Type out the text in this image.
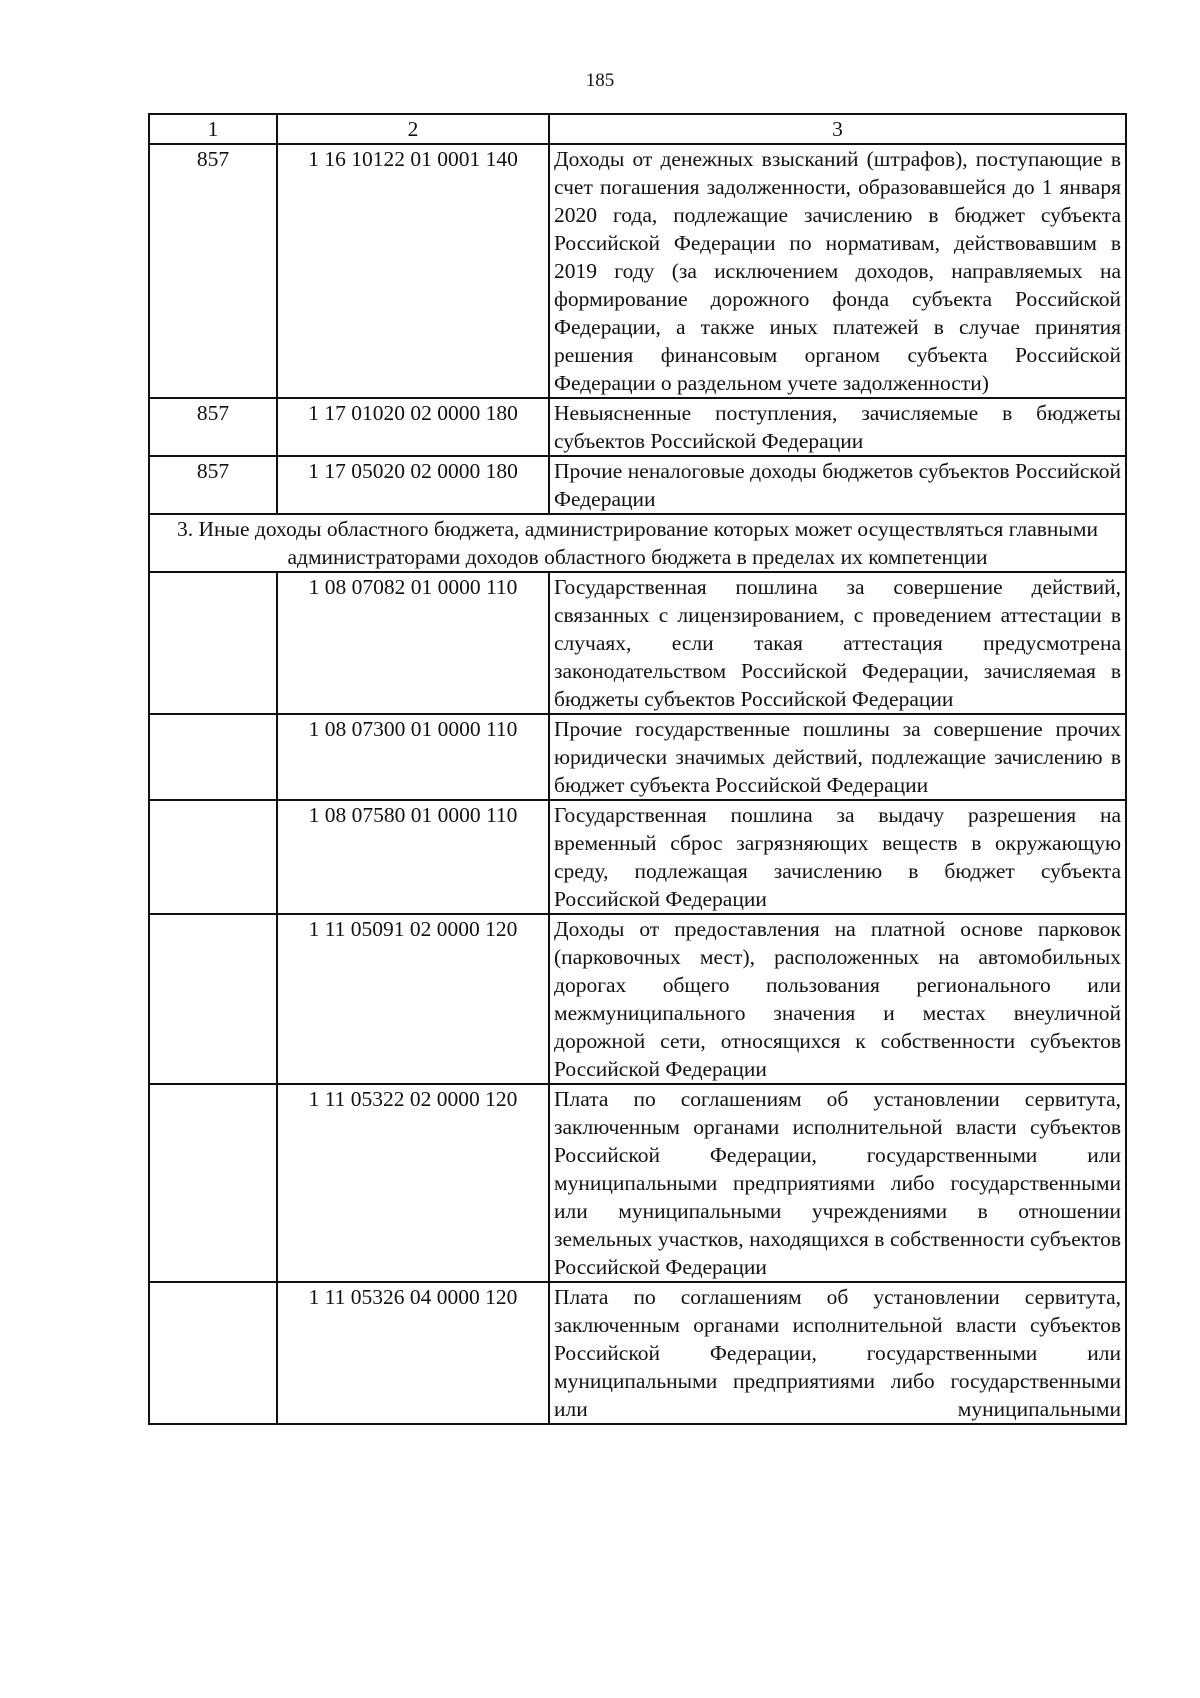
185
1	2	3
857	1 16 10122 01 0001 140	Доходы от денежных взысканий (штрафов), поступающие в счет погашения задолженности, образовавшейся до 1 января 2020 года, подлежащие зачислению в бюджет субъекта Российской Федерации по нормативам, действовавшим в 2019 году (за исключением доходов, направляемых на формирование дорожного фонда субъекта Российской Федерации, а также иных платежей в случае принятия решения финансовым органом субъекта Российской Федерации о раздельном учете задолженности)
857	1 17 01020 02 0000 180	Невыясненные поступления, зачисляемые в бюджеты субъектов Российской Федерации
857	1 17 05020 02 0000 180	Прочие неналоговые доходы бюджетов субъектов Российской Федерации
3. Иные доходы областного бюджета, администрирование которых может осуществляться главными администраторами доходов областного бюджета в пределах их компетенции		
	1 08 07082 01 0000 110	Государственная пошлина за совершение действий, связанных с лицензированием, с проведением аттестации в случаях, если такая аттестация предусмотрена законодательством Российской Федерации, зачисляемая в бюджеты субъектов Российской Федерации
	1 08 07300 01 0000 110	Прочие государственные пошлины за совершение прочих юридически значимых действий, подлежащие зачислению в бюджет субъекта Российской Федерации
	1 08 07580 01 0000 110	Государственная пошлина за выдачу разрешения на временный сброс загрязняющих веществ в окружающую среду, подлежащая зачислению в бюджет субъекта Российской Федерации
	1 11 05091 02 0000 120	Доходы от предоставления на платной основе парковок (парковочных мест), расположенных на автомобильных дорогах общего пользования регионального или межмуниципального значения и местах внеуличной дорожной сети, относящихся к собственности субъектов Российской Федерации
	1 11 05322 02 0000 120	Плата по соглашениям об установлении сервитута, заключенным органами исполнительной власти субъектов Российской Федерации, государственными или муниципальными предприятиями либо государственными или муниципальными учреждениями в отношении земельных участков, находящихся в собственности субъектов Российской Федерации
	1 11 05326 04 0000 120	Плата по соглашениям об установлении сервитута, заключенным органами исполнительной власти субъектов Российской Федерации, государственными или муниципальными предприятиями либо государственными или муниципальными
